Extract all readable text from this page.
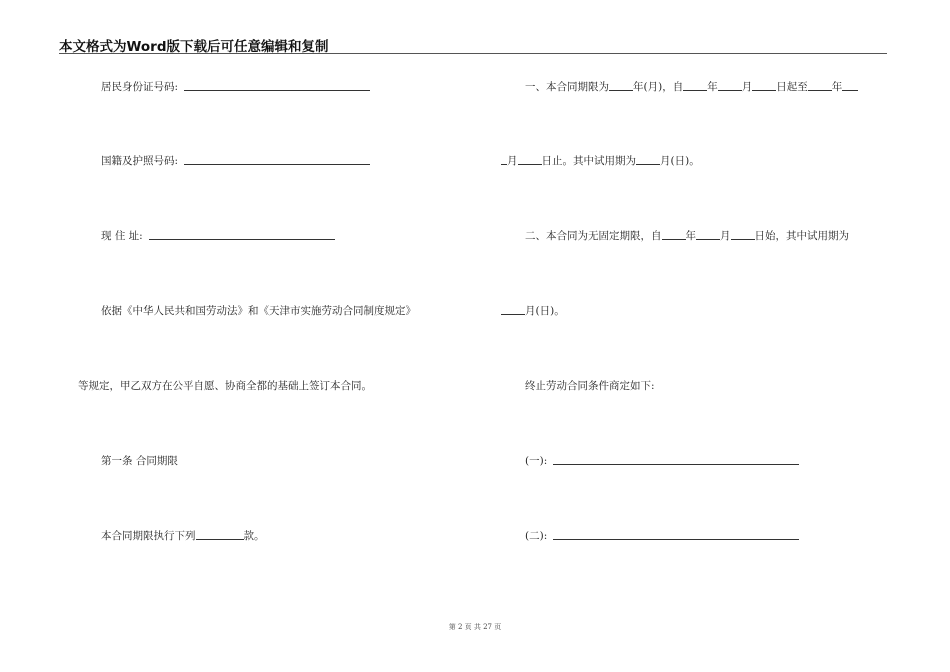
本文格式为Word版下载后可任意编辑和复制
居民身份证号码:
国籍及护照号码:
现 住 址:
依据《中华人民共和国劳动法》和《天津市实施劳动合同制度规定》
等规定，甲乙双方在公平自愿、协商全都的基础上签订本合同。
第一条 合同期限
本合同期限执行下列	款。
一、本合同期限为 年(月)，自 年 月 日起至 年
月 日止。其中试用期为 月(日)。
二、本合同为无固定期限，自 年 月 日始，其中试用期为
月(日)。
终止劳动合同条件商定如下:
(一):
(二):
第 2 页 共 27 页
